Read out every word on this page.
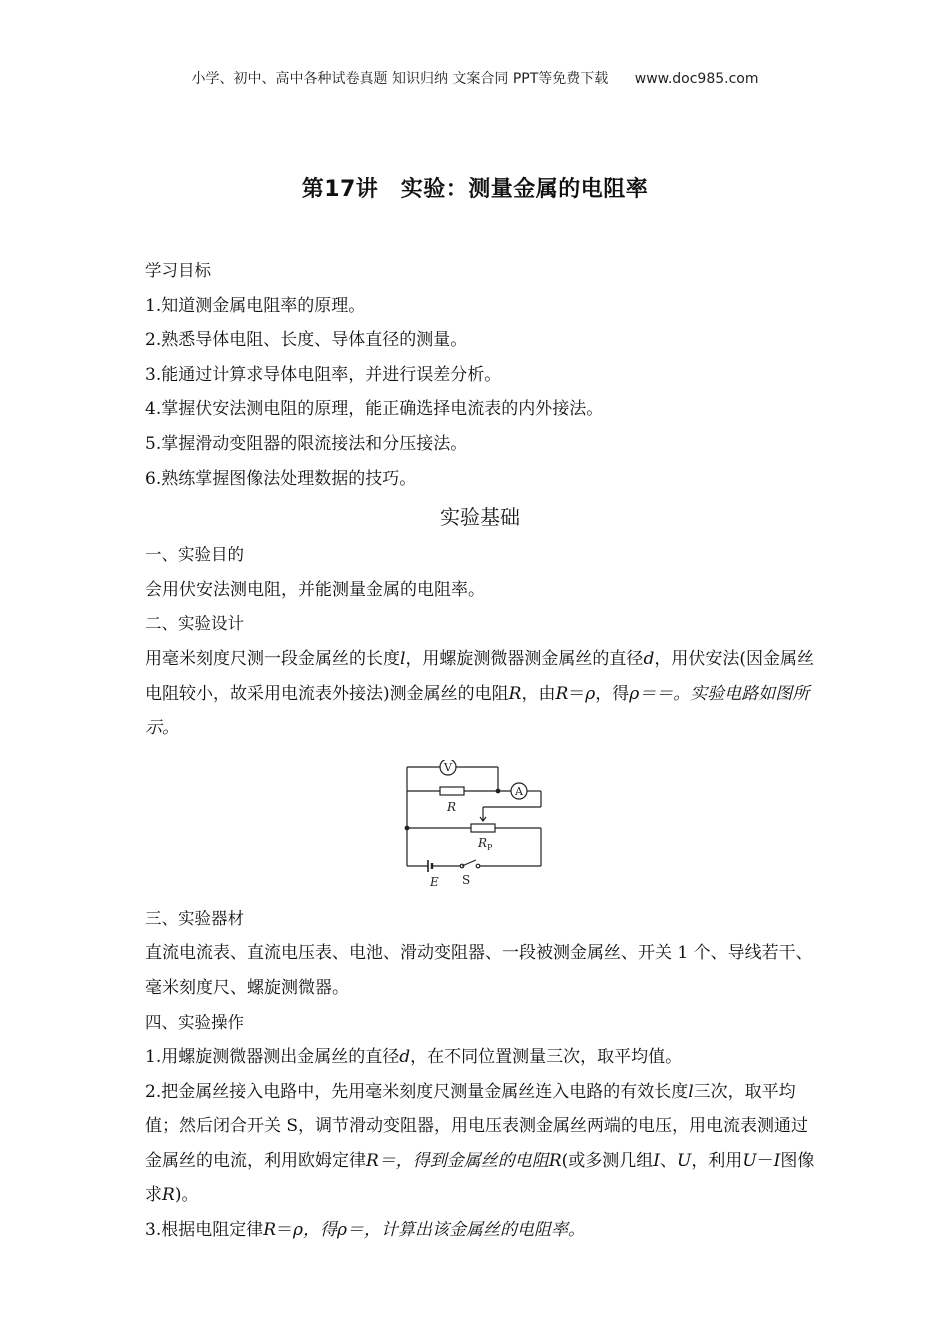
小学、初中、高中各种试卷真题 知识归纳 文案合同 PPT等免费下载 www.doc985.com
第17讲　实验：测量金属的电阻率

学习目标

1.知道测金属电阻率的原理。

2.熟悉导体电阻、长度、导体直径的测量。

3.能通过计算求导体电阻率，并进行误差分析。

4.掌握伏安法测电阻的原理，能正确选择电流表的内外接法。

5.掌握滑动变阻器的限流接法和分压接法。

6.熟练掌握图像法处理数据的技巧。

实验基础

一、实验目的

会用伏安法测电阻，并能测量金属的电阻率。

二、实验设计

用毫米刻度尺测一段金属丝的长度l，用螺旋测微器测金属丝的直径d，用伏安法(因金属丝电阻较小，故采用电流表外接法)测金属丝的电阻R，由R＝ρ，得ρ＝＝。实验电路如图所示。

V
A
R
R P
E S

三、实验器材

直流电流表、直流电压表、电池、滑动变阻器、一段被测金属丝、开关 1 个、导线若干、毫米刻度尺、螺旋测微器。

四、实验操作

1.用螺旋测微器测出金属丝的直径d，在不同位置测量三次，取平均值。

2.把金属丝接入电路中，先用毫米刻度尺测量金属丝连入电路的有效长度l三次，取平均值；然后闭合开关 S，调节滑动变阻器，用电压表测金属丝两端的电压，用电流表测通过金属丝的电流，利用欧姆定律R＝，得到金属丝的电阻R(或多测几组I、U，利用U－I图像求R)。

3.根据电阻定律R＝ρ，得ρ＝，计算出该金属丝的电阻率。
